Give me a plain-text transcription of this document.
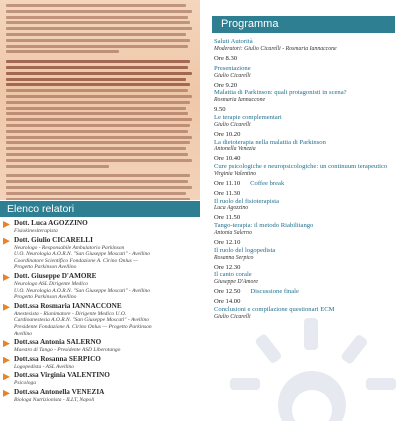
Elenco relatori
Dott. Luca AGOZZINO
Fisiokinesiterapista
Dott. Giulio CICARELLI
Neurologo - Responsabile Ambulatorio Parkinson
U.O. Neurologia A.O.R.N. "San Giuseppe Moscati" - Avellino
Coordinatore Scientifico Fondazione A. Cirino Onlus —
Progetto Parkinson Avellino
Dott. Giuseppe D'AMORE
Neurologo ASL Dirigente Medico
U.O. Neurologia A.O.R.N. "San Giuseppe Moscati" - Avellino
Progetto Parkinson Avellino
Dott.ssa Rosmaria IANNACCONE
Anestesista - Rianimatore - Dirigente Medico U.O.
Cardioanestesia A.O.R.N. "San Giuseppe Moscati" - Avellino
Presidente Fondazione A. Cirino Onlus — Progetto Parkinson
Avellino
Dott.ssa Antonia SALERNO
Maestro di Tango - Presidente ASD Liberotango
Dott.ssa Rosanna SERPICO
Logopedista - ASL Avellino
Dott.ssa Virginia VALENTINO
Psicologa
Dott.ssa Antonella VENEZIA
Biologa Nutrizionista - ILLT, Napoli
Programma
Saluti Autorità
Moderatori: Giulio Cicarelli - Rosmaria Iannaccone
Ore 8.30
Presentazione
Giulio Cicarelli
Ore 9.20
Malattia di Parkinson: quali protagonisti in scena?
Rosmaria Iannaccone
9.50
Le terapie complementari
Giulio Cicarelli
Ore 10.20
La dietoterapia nella malattia di Parkinson
Antonella Venezia
Ore 10.40
Cure psicologiche e neuropsicologiche: un continuum terapeutico
Virginia Valentino
Ore 11.10 Coffee break
Ore 11.30
Il ruolo del fisioterapista
Luca Agozzino
Ore 11.50
Tango-terapia: il metodo Riabilitango
Antonia Salerno
Ore 12.10
Il ruolo del logopedista
Rosanna Serpico
Ore 12.30
Il canto corale
Giuseppe D'Amore
Ore 12.50 Discussione finale
Ore 14.00
Conclusioni e compilazione questionari ECM
Giulio Cicarelli
